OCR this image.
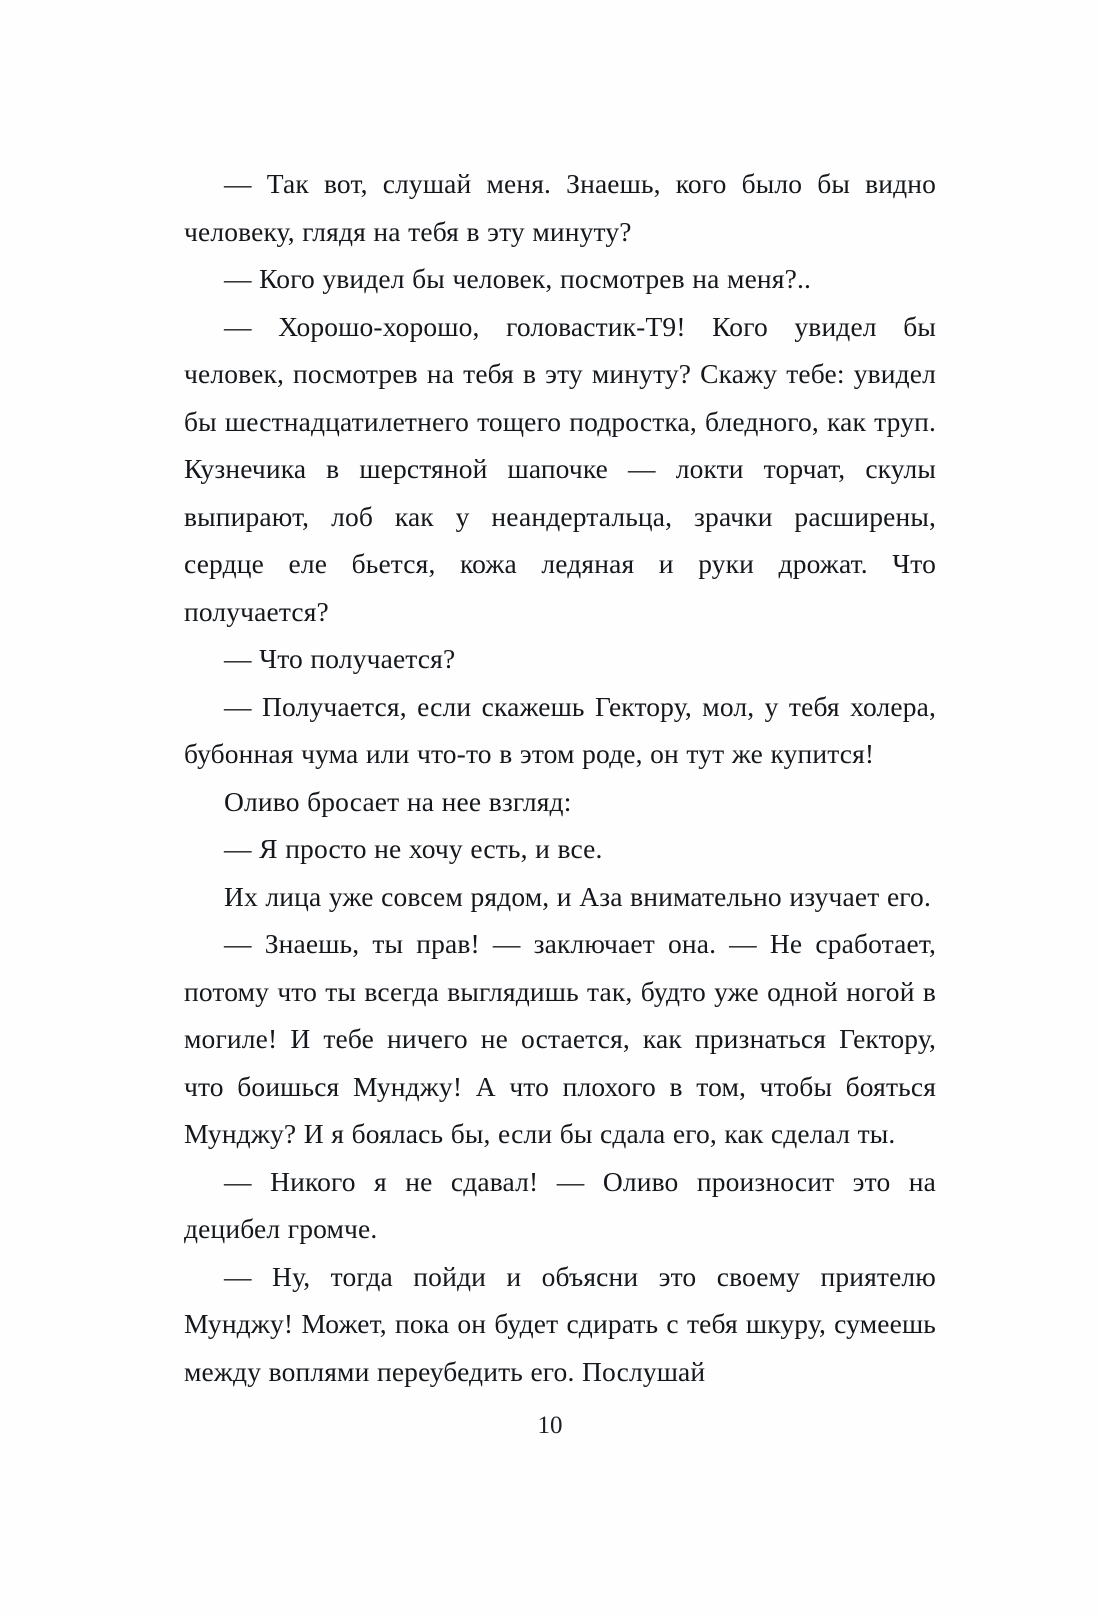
— Так вот, слушай меня. Знаешь, кого было бы видно человеку, глядя на тебя в эту минуту?

— Кого увидел бы человек, посмотрев на меня?..

— Хорошо-хорошо, головастик-Т9! Кого увидел бы человек, посмотрев на тебя в эту минуту? Скажу тебе: увидел бы шестнадцатилетнего тощего подростка, бледного, как труп. Кузнечика в шерстяной шапочке — локти торчат, скулы выпирают, лоб как у неандертальца, зрачки расширены, сердце еле бьется, кожа ледяная и руки дрожат. Что получается?

— Что получается?

— Получается, если скажешь Гектору, мол, у тебя холера, бубонная чума или что-то в этом роде, он тут же купится!

Оливо бросает на нее взгляд:

— Я просто не хочу есть, и все.

Их лица уже совсем рядом, и Аза внимательно изучает его.

— Знаешь, ты прав! — заключает она. — Не сработает, потому что ты всегда выглядишь так, будто уже одной ногой в могиле! И тебе ничего не остается, как признаться Гектору, что боишься Мунджу! А что плохого в том, чтобы бояться Мунджу? И я боялась бы, если бы сдала его, как сделал ты.

— Никого я не сдавал! — Оливо произносит это на децибел громче.

— Ну, тогда пойди и объясни это своему приятелю Мунджу! Может, пока он будет сдирать с тебя шкуру, сумеешь между воплями переубедить его. Послушай

10
